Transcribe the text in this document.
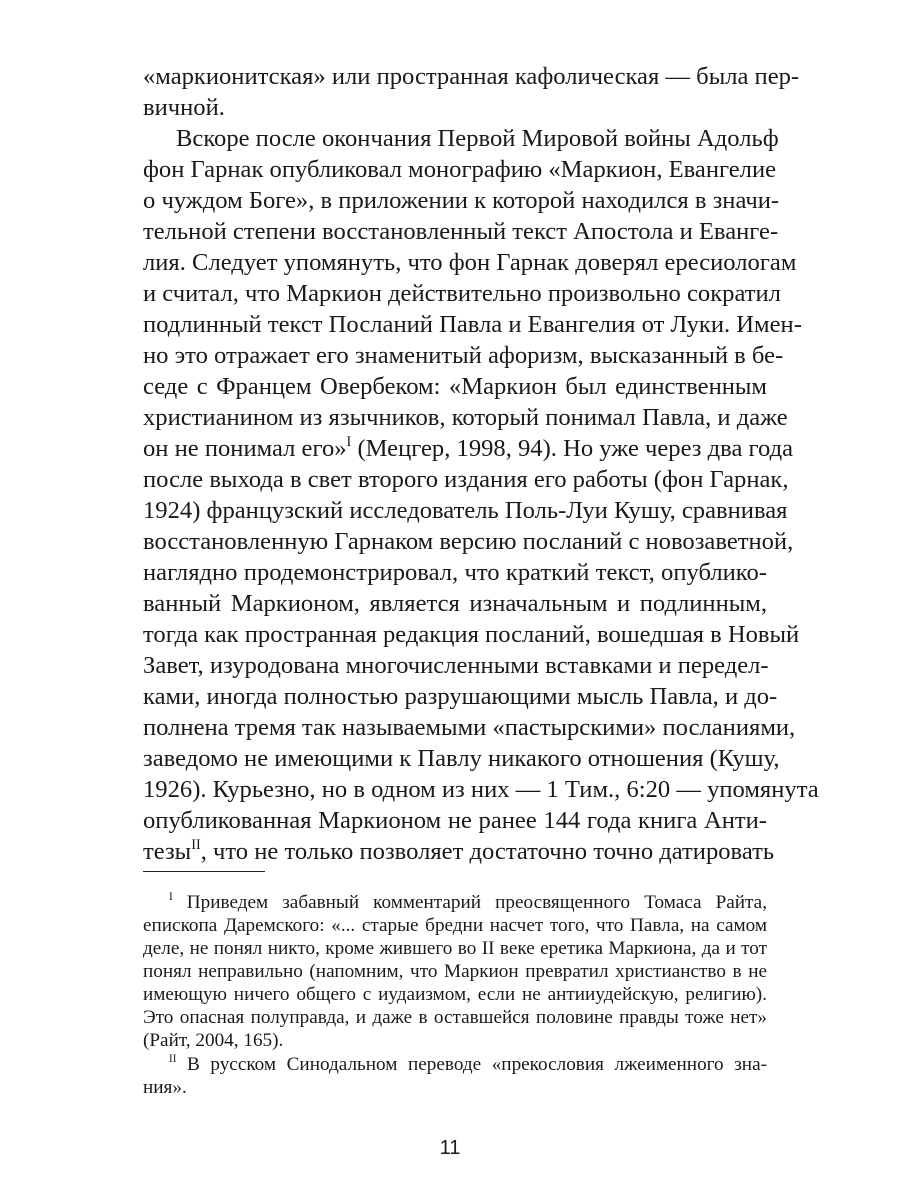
«маркионитская» или пространная кафолическая — была пер-
вичной.
Вскоре после окончания Первой Мировой войны Адольф
фон Гарнак опубликовал монографию «Маркион, Евангелие
о чуждом Боге», в приложении к которой находился в значи-
тельной степени восстановленный текст Апостола и Еванге-
лия. Следует упомянуть, что фон Гарнак доверял ересиологам
и считал, что Маркион действительно произвольно сократил
подлинный текст Посланий Павла и Евангелия от Луки. Имен-
но это отражает его знаменитый афоризм, высказанный в бе-
седе с Францем Овербеком: «Маркион был единственным
христианином из язычников, который понимал Павла, и даже
он не понимал его»$^I$ (Мецгер, 1998, 94). Но уже через два года
после выхода в свет второго издания его работы (фон Гарнак,
1924) французский исследователь Поль-Луи Кушу, сравнивая
восстановленную Гарнаком версию посланий с новозаветной,
наглядно продемонстрировал, что краткий текст, опублико-
ванный Маркионом, является изначальным и подлинным,
тогда как пространная редакция посланий, вошедшая в Новый
Завет, изуродована многочисленными вставками и передел-
ками, иногда полностью разрушающими мысль Павла, и до-
полнена тремя так называемыми «пастырскими» посланиями,
заведомо не имеющими к Павлу никакого отношения (Кушу,
1926). Курьезно, но в одном из них — 1 Тим., 6:20 — упомянута
опубликованная Маркионом не ранее 144 года книга Анти-
тезы$^{II}$, что не только позволяет достаточно точно датировать
$^I$ Приведем забавный комментарий преосвященного Томаса Райта,
епископа Даремского: «... старые бредни насчет того, что Павла, на самом
деле, не понял никто, кроме жившего во II веке еретика Маркиона, да и тот
понял неправильно (напомним, что Маркион превратил христианство в не
имеющую ничего общего с иудаизмом, если не антииудейскую, религию).
Это опасная полуправда, и даже в оставшейся половине правды тоже нет»
(Райт, 2004, 165).
$^{II}$ В русском Синодальном переводе «прекословия лжеименного зна-
ния».
11
